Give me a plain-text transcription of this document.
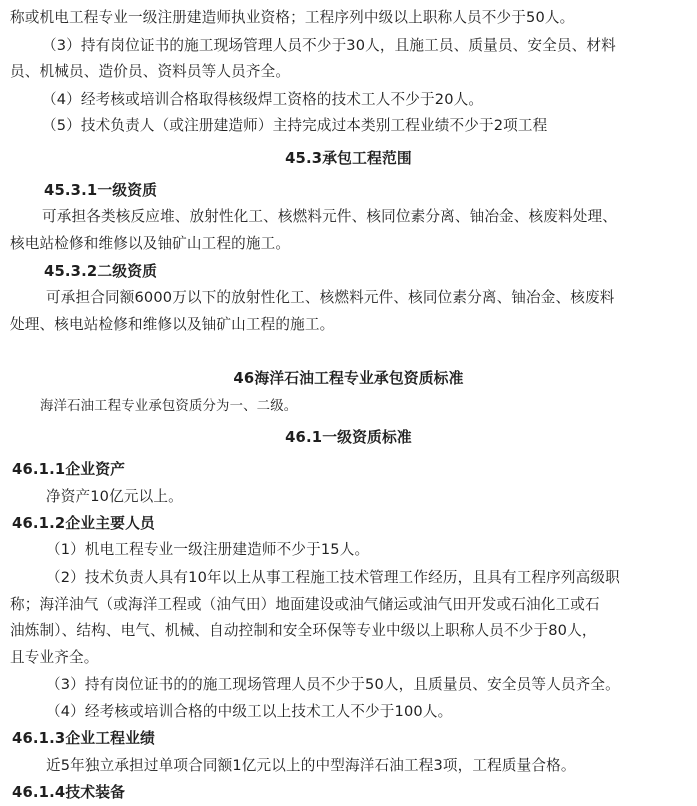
称或机电工程专业一级注册建造师执业资格；工程序列中级以上职称人员不少于50人。
（3）持有岗位证书的施工现场管理人员不少于30人，且施工员、质量员、安全员、材料
员、机械员、造价员、资料员等人员齐全。
（4）经考核或培训合格取得核级焊工资格的技术工人不少于20人。
（5）技术负责人（或注册建造师）主持完成过本类别工程业绩不少于2项工程
45.3承包工程范围
45.3.1一级资质
可承担各类核反应堆、放射性化工、核燃料元件、核同位素分离、铀冶金、核废料处理、
核电站检修和维修以及铀矿山工程的施工。
45.3.2二级资质
可承担合同额6000万以下的放射性化工、核燃料元件、核同位素分离、铀冶金、核废料
处理、核电站检修和维修以及铀矿山工程的施工。
46海洋石油工程专业承包资质标准
海洋石油工程专业承包资质分为一、二级。
46.1一级资质标准
46.1.1企业资产
净资产10亿元以上。
46.1.2企业主要人员
（1）机电工程专业一级注册建造师不少于15人。
（2）技术负责人具有10年以上从事工程施工技术管理工作经历，且具有工程序列高级职
称；海洋油气（或海洋工程或（油气田）地面建设或油气储运或油气田开发或石油化工或石
油炼制）、结构、电气、机械、自动控制和安全环保等专业中级以上职称人员不少于80人，
且专业齐全。
（3）持有岗位证书的的施工现场管理人员不少于50人，且质量员、安全员等人员齐全。
（4）经考核或培训合格的中级工以上技术工人不少于100人。
46.1.3企业工程业绩
近5年独立承担过单项合同额1亿元以上的中型海洋石油工程3项，工程质量合格。
46.1.4技术装备
